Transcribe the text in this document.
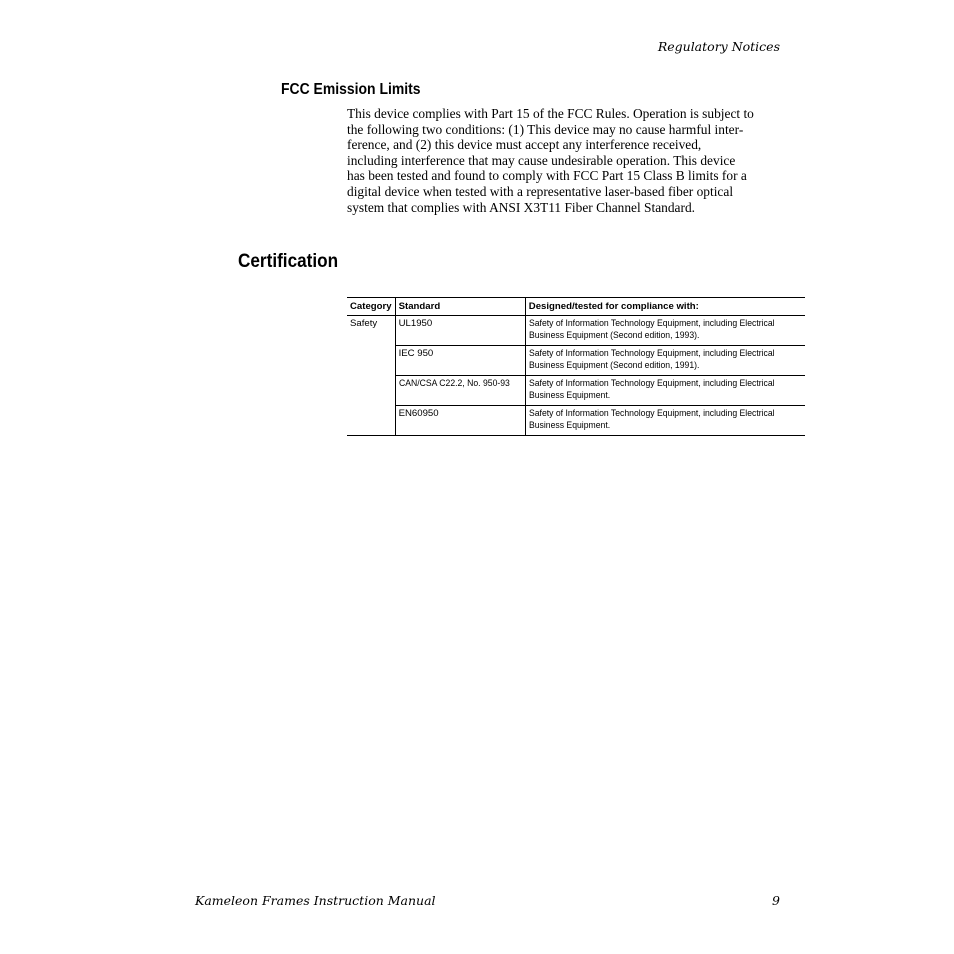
Regulatory Notices
FCC Emission Limits
This device complies with Part 15 of the FCC Rules. Operation is subject to
the following two conditions: (1) This device may no cause harmful inter-
ference, and (2) this device must accept any interference received,
including interference that may cause undesirable operation. This device
has been tested and found to comply with FCC Part 15 Class B limits for a
digital device when tested with a representative laser-based fiber optical
system that complies with ANSI X3T11 Fiber Channel Standard.
Certification
Category	Standard	Designed/tested for compliance with:
Safety	UL1950	Safety of Information Technology Equipment, including Electrical
Business Equipment (Second edition, 1993).
	IEC 950	Safety of Information Technology Equipment, including Electrical
Business Equipment (Second edition, 1991).
	CAN/CSA C22.2, No. 950-93	Safety of Information Technology Equipment, including Electrical
Business Equipment.
	EN60950	Safety of Information Technology Equipment, including Electrical
Business Equipment.
Kameleon Frames Instruction Manual	9
